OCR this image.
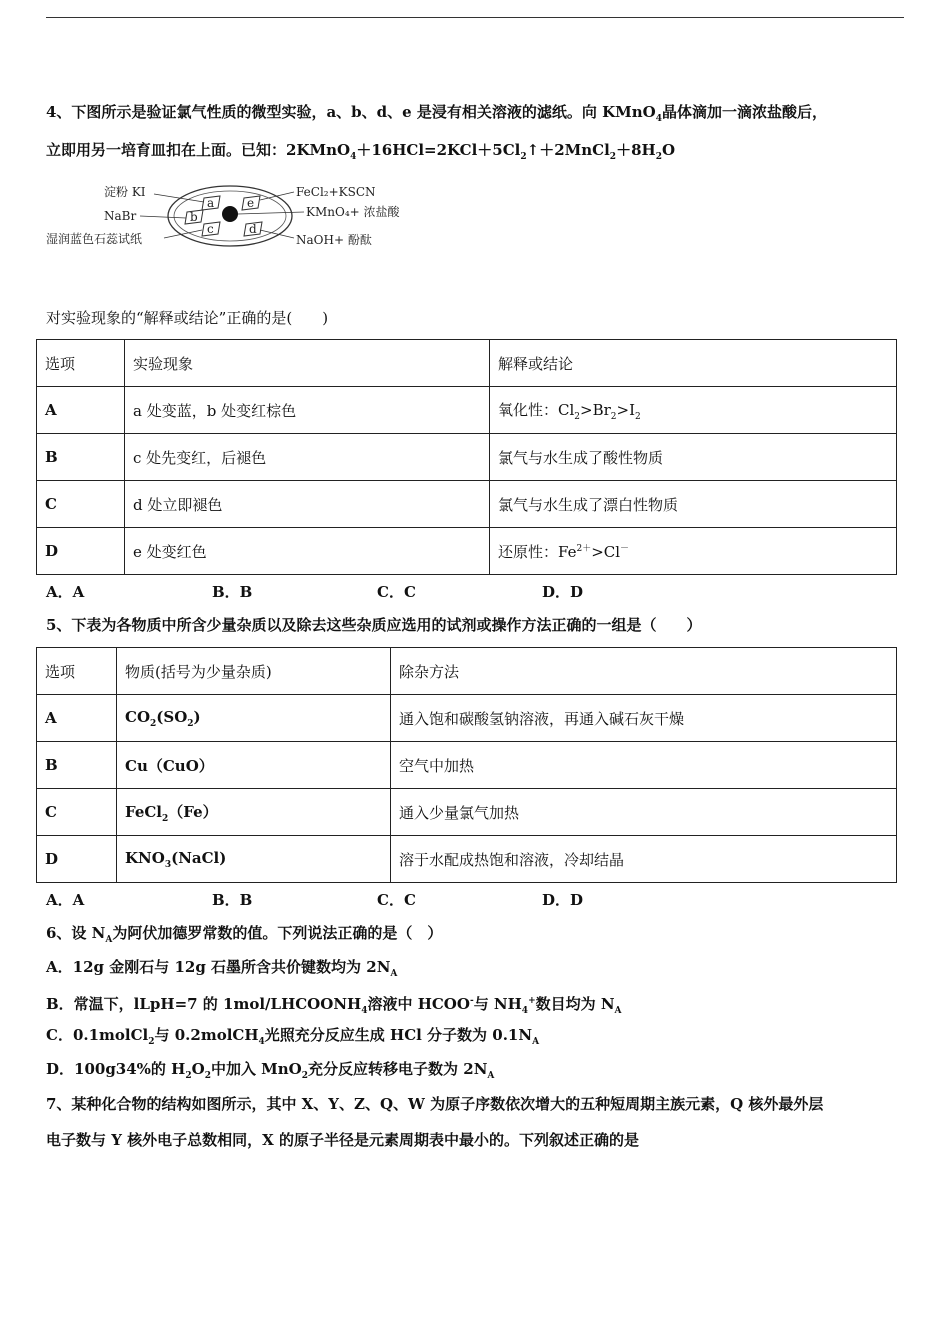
4、下图所示是验证氯气性质的微型实验，a、b、d、e 是浸有相关溶液的滤纸。向 KMnO$_4$晶体滴加一滴浓盐酸后，
立即用另一培育皿扣在上面。已知：$2KMnO_4+16HCl=2KCl+5Cl_2↑+2MnCl_2+8H_2O$
a
b
c	d
e
淀粉 KI
NaBr
湿润蓝色石蕊试纸
FeCl₂+KSCN
KMnO₄+ 浓盐酸
NaOH+ 酚酞
对实验现象的“解释或结论”正确的是(　　)
选项	实验现象	解释或结论
A	a 处变蓝，b 处变红棕色	氧化性：$Cl_2>Br_2>I_2$
B	c 处先变红，后褪色	氯气与水生成了酸性物质
C	d 处立即褪色	氯气与水生成了漂白性物质
D	e 处变红色	还原性：$Fe^{2+}>Cl^-$
A．A	B．B	C．C	D．D
5、下表为各物质中所含少量杂质以及除去这些杂质应选用的试剂或操作方法正确的一组是（　　）
选项	物质(括号为少量杂质)	除杂方法
A	$CO_2(SO_2)$	通入饱和碳酸氢钠溶液，再通入碱石灰干燥
B	Cu（CuO）	空气中加热
C	FeCl$_2$（Fe）	通入少量氯气加热
D	$KNO_3(NaCl)$	溶于水配成热饱和溶液，冷却结晶
A．A	B．B	C．C	D．D
6、设 $N_A$为阿伏加德罗常数的值。下列说法正确的是（　）
A．12g 金刚石与 12g 石墨所含共价键数均为 $2N_A$
B．常温下，lLpH=7 的 $1mol/LHCOONH_4$溶液中 HCOO-与 $NH_4^+$数目均为 $N_A$
C．0.1molCl$_2$与 0.2molCH$_4$光照充分反应生成 HCl 分子数为 $0.1N_A$
D．100g34%的 $H_2O_2$中加入 MnO$_2$充分反应转移电子数为 $2N_A$
7、某种化合物的结构如图所示，其中 X、Y、Z、Q、W 为原子序数依次增大的五种短周期主族元素，Q 核外最外层
电子数与 Y 核外电子总数相同，X 的原子半径是元素周期表中最小的。下列叙述正确的是
